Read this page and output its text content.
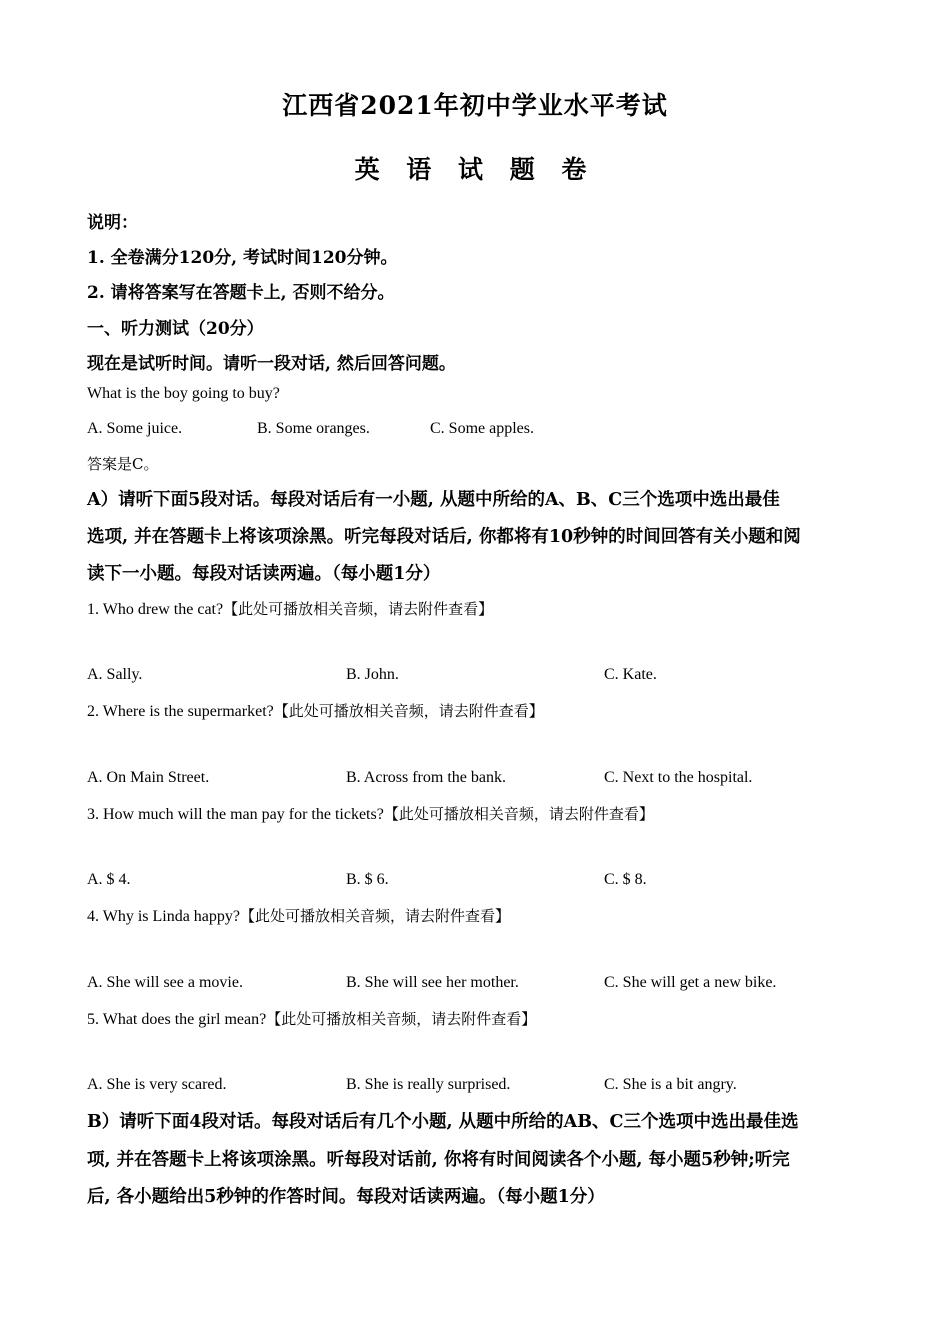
江西省2021年初中学业水平考试
英 语 试 题 卷
说明：
1. 全卷满分120分, 考试时间120分钟。
2. 请将答案写在答题卡上, 否则不给分。
一、听力测试（20分）
现在是试听时间。请听一段对话, 然后回答问题。
What is the boy going to buy?
A. Some juice.	B. Some oranges.	C. Some apples.
答案是C。
A）请听下面5段对话。每段对话后有一小题, 从题中所给的A、B、C三个选项中选出最佳
选项, 并在答题卡上将该项涂黑。听完每段对话后, 你都将有10秒钟的时间回答有关小题和阅
读下一小题。每段对话读两遍。（每小题1分）
1. Who drew the cat?【此处可播放相关音频，请去附件查看】
A. Sally.	B. John.	C. Kate.
2. Where is the supermarket?【此处可播放相关音频，请去附件查看】
A. On Main Street.	B. Across from the bank.	C. Next to the hospital.
3. How much will the man pay for the tickets?【此处可播放相关音频，请去附件查看】
A. $ 4.	B. $ 6.	C. $ 8.
4. Why is Linda happy?【此处可播放相关音频，请去附件查看】
A. She will see a movie.	B. She will see her mother.	C. She will get a new bike.
5. What does the girl mean?【此处可播放相关音频，请去附件查看】
A. She is very scared.	B. She is really surprised.	C. She is a bit angry.
B）请听下面4段对话。每段对话后有几个小题, 从题中所给的AB、C三个选项中选出最佳选
项, 并在答题卡上将该项涂黑。听每段对话前, 你将有时间阅读各个小题, 每小题5秒钟;听完
后, 各小题给出5秒钟的作答时间。每段对话读两遍。（每小题1分）
